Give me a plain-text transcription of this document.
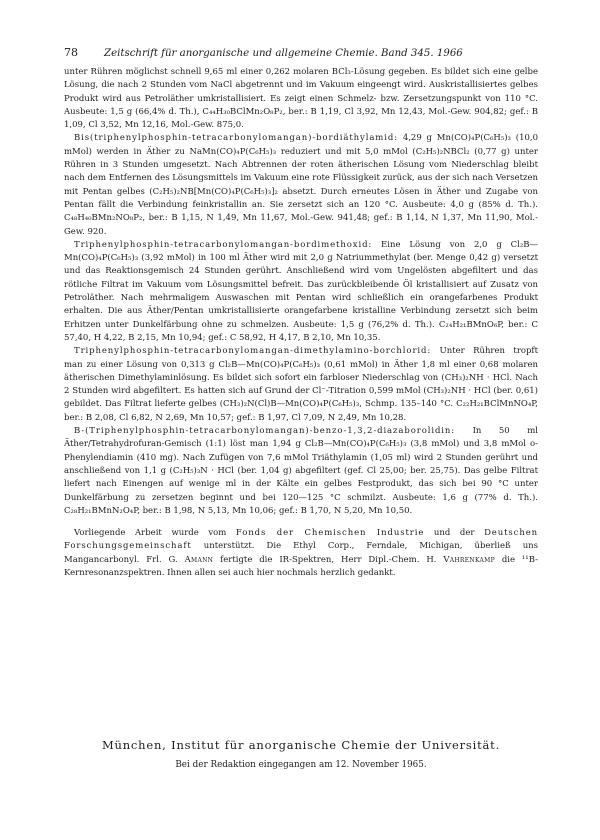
78	Zeitschrift für anorganische und allgemeine Chemie. Band 345. 1966

unter Rühren möglichst schnell 9,65 ml einer 0,262 molaren BCl₃-Lösung gegeben. Es bildet sich eine gelbe Lösung, die nach 2 Stunden vom NaCl abgetrennt und im Vakuum eingeengt wird. Auskristallisiertes gelbes Produkt wird aus Petroläther umkristallisiert. Es zeigt einen Schmelz- bzw. Zersetzungspunkt von 110 °C. Ausbeute: 1,5 g (66,4% d. Th.), C₄₄H₃₀BClMn₂O₈P₂, ber.: B 1,19, Cl 3,92, Mn 12,43, Mol.-Gew. 904,82; gef.: B 1,09, Cl 3,52, Mn 12,16, Mol.-Gew. 875,0.

Bis(triphenylphosphin-tetracarbonylomangan)-bordiäthylamid: 4,29 g Mn(CO)₄P(C₆H₅)₃ (10,0 mMol) werden in Äther zu NaMn(CO)₄P(C₆H₅)₃ reduziert und mit 5,0 mMol (C₂H₅)₂NBCl₂ (0,77 g) unter Rühren in 3 Stunden umgesetzt. Nach Abtrennen der roten ätherischen Lösung vom Niederschlag bleibt nach dem Entfernen des Lösungsmittels im Vakuum eine rote Flüssigkeit zurück, aus der sich nach Versetzen mit Pentan gelbes (C₂H₅)₂NB[Mn(CO)₄P(C₆H₅)₃]₂ absetzt. Durch erneutes Lösen in Äther und Zugabe von Pentan fällt die Verbindung feinkristallin an. Sie zersetzt sich an 120 °C. Ausbeute: 4,0 g (85% d. Th.). C₄₈H₄₀BMn₂NO₈P₂, ber.: B 1,15, N 1,49, Mn 11,67, Mol.-Gew. 941,48; gef.: B 1,14, N 1,37, Mn 11,90, Mol.-Gew. 920.

Triphenylphosphin-tetracarbonylomangan-bordimethoxid: Eine Lösung von 2,0 g Cl₂B—Mn(CO)₄P(C₆H₅)₃ (3,92 mMol) in 100 ml Äther wird mit 2,0 g Natriummethylat (ber. Menge 0,42 g) versetzt und das Reaktionsgemisch 24 Stunden gerührt. Anschließend wird vom Ungelösten abgefiltert und das rötliche Filtrat im Vakuum vom Lösungsmittel befreit. Das zurückbleibende Öl kristallisiert auf Zusatz von Petroläther. Nach mehrmaligem Auswaschen mit Pentan wird schließlich ein orangefarbenes Produkt erhalten. Die aus Äther/Pentan umkristallisierte orangefarbene kristalline Verbindung zersetzt sich beim Erhitzen unter Dunkelfärbung ohne zu schmelzen. Ausbeute: 1,5 g (76,2% d. Th.). C₂₄H₂₁BMnO₆P, ber.: C 57,40, H 4,22, B 2,15, Mn 10,94; gef.: C 58,92, H 4,17, B 2,10, Mn 10,35.

Triphenylphosphin-tetracarbonylomangan-dimethylamino-borchlorid: Unter Rühren tropft man zu einer Lösung von 0,313 g Cl₂B—Mn(CO)₄P(C₆H₅)₃ (0,61 mMol) in Äther 1,8 ml einer 0,68 molaren ätherischen Dimethylaminlösung. Es bildet sich sofort ein farbloser Niederschlag von (CH₃)₂NH · HCl. Nach 2 Stunden wird abgefiltert. Es hatten sich auf Grund der Cl⁻-Titration 0,599 mMol (CH₃)₂NH · HCl (ber. 0,61) gebildet. Das Filtrat lieferte gelbes (CH₃)₂N(Cl)B—Mn(CO)₄P(C₆H₅)₃, Schmp. 135–140 °C. C₂₂H₂₁BClMnNO₄P, ber.: B 2,08, Cl 6,82, N 2,69, Mn 10,57; gef.: B 1,97, Cl 7,09, N 2,49, Mn 10,28.

B-(Triphenylphosphin-tetracarbonylomangan)-benzo-1,3,2-diazaborolidin: In 50 ml Äther/Tetrahydrofuran-Gemisch (1:1) löst man 1,94 g Cl₂B—Mn(CO)₄P(C₆H₅)₃ (3,8 mMol) und 3,8 mMol o-Phenylendiamin (410 mg). Nach Zufügen von 7,6 mMol Triäthylamin (1,05 ml) wird 2 Stunden gerührt und anschließend von 1,1 g (C₂H₅)₃N · HCl (ber. 1,04 g) abgefiltert (gef. Cl 25,00; ber. 25,75). Das gelbe Filtrat liefert nach Einengen auf wenige ml in der Kälte ein gelbes Festprodukt, das sich bei 90 °C unter Dunkelfärbung zu zersetzen beginnt und bei 120—125 °C schmilzt. Ausbeute: 1,6 g (77% d. Th.). C₂₈H₂₁BMnN₂O₄P, ber.: B 1,98, N 5,13, Mn 10,06; gef.: B 1,70, N 5,20, Mn 10,50.

Vorliegende Arbeit wurde vom Fonds der Chemischen Industrie und der Deutschen Forschungsgemeinschaft unterstützt. Die Ethyl Corp., Ferndale, Michigan, überließ uns Mangancarbonyl. Frl. G. Amann fertigte die IR-Spektren, Herr Dipl.-Chem. H. Vahrenkamp die ¹¹B-Kernresonanzspektren. Ihnen allen sei auch hier nochmals herzlich gedankt.

München, Institut für anorganische Chemie der Universität.
Bei der Redaktion eingegangen am 12. November 1965.
